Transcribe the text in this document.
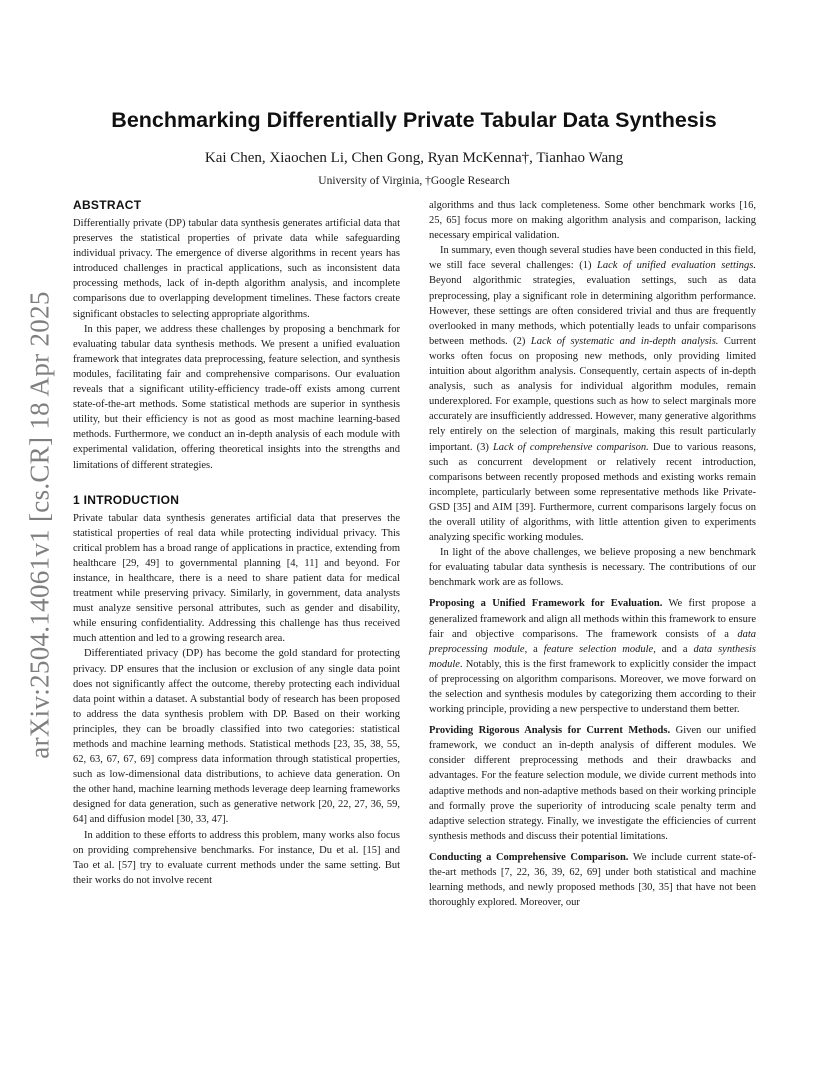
arXiv:2504.14061v1 [cs.CR] 18 Apr 2025
Benchmarking Differentially Private Tabular Data Synthesis

Kai Chen, Xiaochen Li, Chen Gong, Ryan McKenna†, Tianhao Wang

University of Virginia, †Google Research

ABSTRACT

Differentially private (DP) tabular data synthesis generates artificial data that preserves the statistical properties of private data while safeguarding individual privacy. The emergence of diverse algorithms in recent years has introduced challenges in practical applications, such as inconsistent data processing methods, lack of in-depth algorithm analysis, and incomplete comparisons due to overlapping development timelines. These factors create significant obstacles to selecting appropriate algorithms.

In this paper, we address these challenges by proposing a benchmark for evaluating tabular data synthesis methods. We present a unified evaluation framework that integrates data preprocessing, feature selection, and synthesis modules, facilitating fair and comprehensive comparisons. Our evaluation reveals that a significant utility-efficiency trade-off exists among current state-of-the-art methods. Some statistical methods are superior in synthesis utility, but their efficiency is not as good as most machine learning-based methods. Furthermore, we conduct an in-depth analysis of each module with experimental validation, offering theoretical insights into the strengths and limitations of different strategies.

1 INTRODUCTION

Private tabular data synthesis generates artificial data that preserves the statistical properties of real data while protecting individual privacy. This critical problem has a broad range of applications in practice, extending from healthcare [29, 49] to governmental planning [4, 11] and beyond. For instance, in healthcare, there is a need to share patient data for medical treatment while preserving privacy. Similarly, in government, data analysts must analyze sensitive personal attributes, such as gender and disability, while ensuring confidentiality. Addressing this challenge has thus received much attention and led to a growing research area.

Differentiated privacy (DP) has become the gold standard for protecting privacy. DP ensures that the inclusion or exclusion of any single data point does not significantly affect the outcome, thereby protecting each individual data point within a dataset. A substantial body of research has been proposed to address the data synthesis problem with DP. Based on their working principles, they can be broadly classified into two categories: statistical methods and machine learning methods. Statistical methods [23, 35, 38, 55, 62, 63, 67, 67, 69] compress data information through statistical properties, such as low-dimensional data distributions, to achieve data generation. On the other hand, machine learning methods leverage deep learning frameworks designed for data generation, such as generative network [20, 22, 27, 36, 59, 64] and diffusion model [30, 33, 47].

In addition to these efforts to address this problem, many works also focus on providing comprehensive benchmarks. For instance, Du et al. [15] and Tao et al. [57] try to evaluate current methods under the same setting. But their works do not involve recent

algorithms and thus lack completeness. Some other benchmark works [16, 25, 65] focus more on making algorithm analysis and comparison, lacking necessary empirical validation.

In summary, even though several studies have been conducted in this field, we still face several challenges: (1) Lack of unified evaluation settings. Beyond algorithmic strategies, evaluation settings, such as data preprocessing, play a significant role in determining algorithm performance. However, these settings are often considered trivial and thus are frequently overlooked in many methods, which potentially leads to unfair comparisons between methods. (2) Lack of systematic and in-depth analysis. Current works often focus on proposing new methods, only providing limited intuition about algorithm analysis. Consequently, certain aspects of in-depth analysis, such as analysis for individual algorithm modules, remain underexplored. For example, questions such as how to select marginals more accurately are insufficiently addressed. However, many generative algorithms rely entirely on the selection of marginals, making this result particularly important. (3) Lack of comprehensive comparison. Due to various reasons, such as concurrent development or relatively recent introduction, comparisons between recently proposed methods and existing works remain incomplete, particularly between some representative methods like Private-GSD [35] and AIM [39]. Furthermore, current comparisons largely focus on the overall utility of algorithms, with little attention given to experiments analyzing specific working modules.

In light of the above challenges, we believe proposing a new benchmark for evaluating tabular data synthesis is necessary. The contributions of our benchmark work are as follows.

Proposing a Unified Framework for Evaluation. We first propose a generalized framework and align all methods within this framework to ensure fair and objective comparisons. The framework consists of a data preprocessing module, a feature selection module, and a data synthesis module. Notably, this is the first framework to explicitly consider the impact of preprocessing on algorithm comparisons. Moreover, we move forward on the selection and synthesis modules by categorizing them according to their working principle, providing a new perspective to understand them better.

Providing Rigorous Analysis for Current Methods. Given our unified framework, we conduct an in-depth analysis of different modules. We consider different preprocessing methods and their drawbacks and advantages. For the feature selection module, we divide current methods into adaptive methods and non-adaptive methods based on their working principle and formally prove the superiority of introducing scale penalty term and adaptive selection strategy. Finally, we investigate the efficiencies of current synthesis methods and discuss their potential limitations.

Conducting a Comprehensive Comparison. We include current state-of-the-art methods [7, 22, 36, 39, 62, 69] under both statistical and machine learning methods, and newly proposed methods [30, 35] that have not been thoroughly explored. Moreover, our
